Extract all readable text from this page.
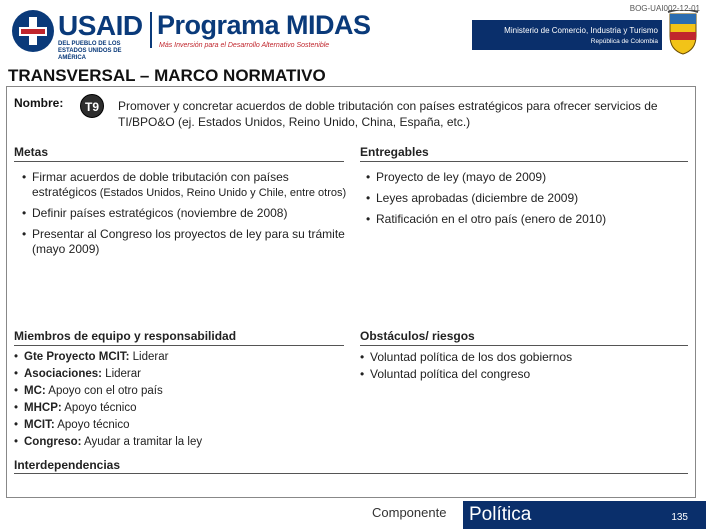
BOG-UAI002-12-01
USAID
DEL PUEBLO DE LOS ESTADOS UNIDOS DE AMÉRICA
Programa MIDAS
Más Inversión para el Desarrollo Alternativo Sostenible
Ministerio de Comercio, Industria y Turismo
República de Colombia
TRANSVERSAL – MARCO NORMATIVO
Nombre:	T9	Promover y concretar acuerdos de doble tributación con países estratégicos para ofrecer servicios de TI/BPO&O (ej. Estados Unidos, Reino Unido, China, España, etc.)
Metas
• Firmar acuerdos de doble tributación con países estratégicos (Estados Unidos, Reino Unido y Chile, entre otros)
• Definir países estratégicos (noviembre de 2008)
• Presentar al Congreso los proyectos de ley para su trámite (mayo 2009)
Entregables
• Proyecto de ley (mayo de 2009)
• Leyes aprobadas (diciembre de 2009)
• Ratificación en el otro país (enero de 2010)
Miembros de equipo y responsabilidad
• Gte Proyecto MCIT: Liderar
• Asociaciones: Liderar
• MC: Apoyo con el otro país
• MHCP: Apoyo técnico
• MCIT: Apoyo técnico
• Congreso: Ayudar a tramitar la ley
Obstáculos/ riesgos
• Voluntad política de los dos gobiernos
• Voluntad política del congreso
Interdependencias
Componente Política	135
